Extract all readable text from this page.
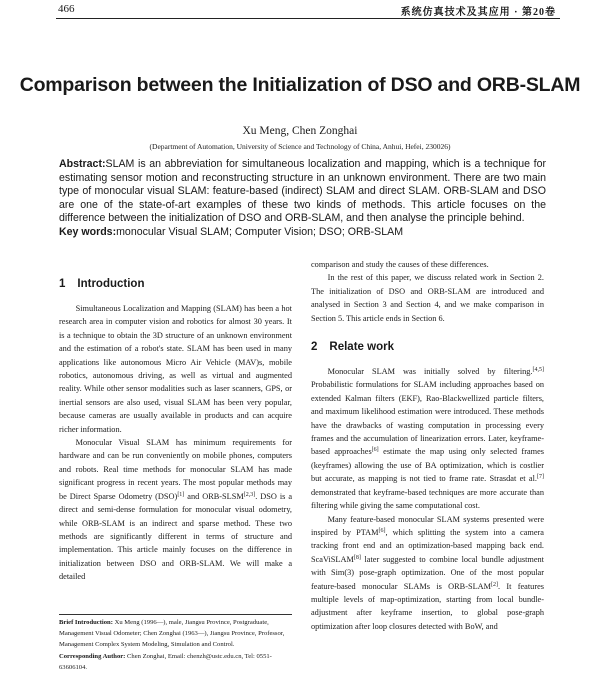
466	系统仿真技术及其应用 · 第20卷
Comparison between the Initialization of DSO and ORB-SLAM
Xu Meng, Chen Zonghai
(Department of Automation, University of Science and Technology of China, Anhui, Hefei, 230026)
Abstract:SLAM is an abbreviation for simultaneous localization and mapping, which is a technique for estimating sensor motion and reconstructing structure in an unknown environment. There are two main type of monocular visual SLAM: feature-based (indirect) SLAM and direct SLAM. ORB-SLAM and DSO are one of the state-of-art examples of these two kinds of methods. This article focuses on the difference between the initialization of DSO and ORB-SLAM, and then analyse the principle behind.
Key words:monocular Visual SLAM; Computer Vision; DSO; ORB-SLAM
1 Introduction

Simultaneous Localization and Mapping (SLAM) has been a hot research area in computer vision and robotics for almost 30 years. It is a technique to obtain the 3D structure of an unknown environment and the estimation of a robot's state. SLAM has been used in many applications like autonomous Micro Air Vehicle (MAV)s, mobile robotics, autonomous driving, as well as virtual and augmented reality. While other sensor modalities such as laser scanners, GPS, or inertial sensors are also used, visual SLAM has been very popular, because cameras are usually available in products and can acquire richer information.

Monocular Visual SLAM has minimum requirements for hardware and can be run conveniently on mobile phones, computers and robots. Real time methods for monocular SLAM has made significant progress in recent years. The most popular methods may be Direct Sparse Odometry (DSO)[1] and ORB-SLSM[2,3]. DSO is a direct and semi-dense formulation for monocular visual odometry, while ORB-SLAM is an indirect and sparse method. These two methods are significantly different in terms of structure and implementation. This article mainly focuses on the difference in initialization between DSO and ORB-SLAM. We will make a detailed

Brief Introduction: Xu Meng (1996—), male, Jiangsu Province, Postgraduate, Management Visual Odometer; Chen Zonghai (1963—), Jiangsu Province, Professor, Management Complex System Modeling, Simulation and Control.
Corresponding Author: Chen Zonghai, Email: chenzh@ustc.edu.cn, Tel: 0551-63606104.

comparison and study the causes of these differences.

In the rest of this paper, we discuss related work in Section 2. The initialization of DSO and ORB-SLAM are introduced and analysed in Section 3 and Section 4, and we make comparison in Section 5. This article ends in Section 6.

2 Relate work

Monocular SLAM was initially solved by filtering.[4,5] Probabilistic formulations for SLAM including approaches based on extended Kalman filters (EKF), Rao-Blackwellized particle filters, and maximum likelihood estimation were introduced. These methods have the drawbacks of wasting computation in processing every frames and the accumulation of linearization errors. Later, keyframe-based approaches[6] estimate the map using only selected frames (keyframes) allowing the use of BA optimization, which is costlier but accurate, as mapping is not tied to frame rate. Strasdat et al.[7] demonstrated that keyframe-based techniques are more accurate than filtering while giving the same computational cost.

Many feature-based monocular SLAM systems presented were inspired by PTAM[6], which splitting the system into a camera tracking front end and an optimization-based mapping back end. ScaViSLAM[8] later suggested to combine local bundle adjustment with Sim(3) pose-graph optimization. One of the most popular feature-based monocular SLAMs is ORB-SLAM[2]. It features multiple levels of map-optimization, starting from local bundle-adjustment after keyframe insertion, to global pose-graph optimization after loop closures detected with BoW, and
